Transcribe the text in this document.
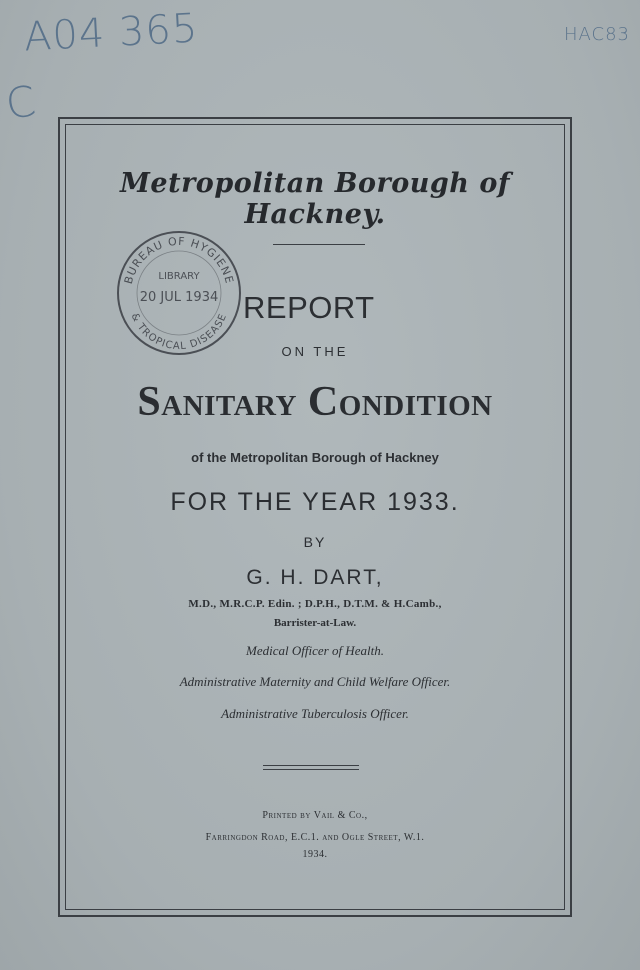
A04 365	HAC83
C
Metropolitan Borough of Hackney.
REPORT
ON THE
Sanitary Condition
of the Metropolitan Borough of Hackney
FOR THE YEAR 1933.
BY
G. H. DART,
M.D., M.R.C.P. Edin. ; D.P.H., D.T.M. & H.Camb.,
Barrister-at-Law.
Medical Officer of Health.
Administrative Maternity and Child Welfare Officer.
Administrative Tuberculosis Officer.
Printed by Vail & Co.,
Farringdon Road, E.C.1. and Ogle Street, W.1.
1934.
BUREAU OF HYGIENE
& TROPICAL DISEASE
LIBRARY
20 JUL 1934
